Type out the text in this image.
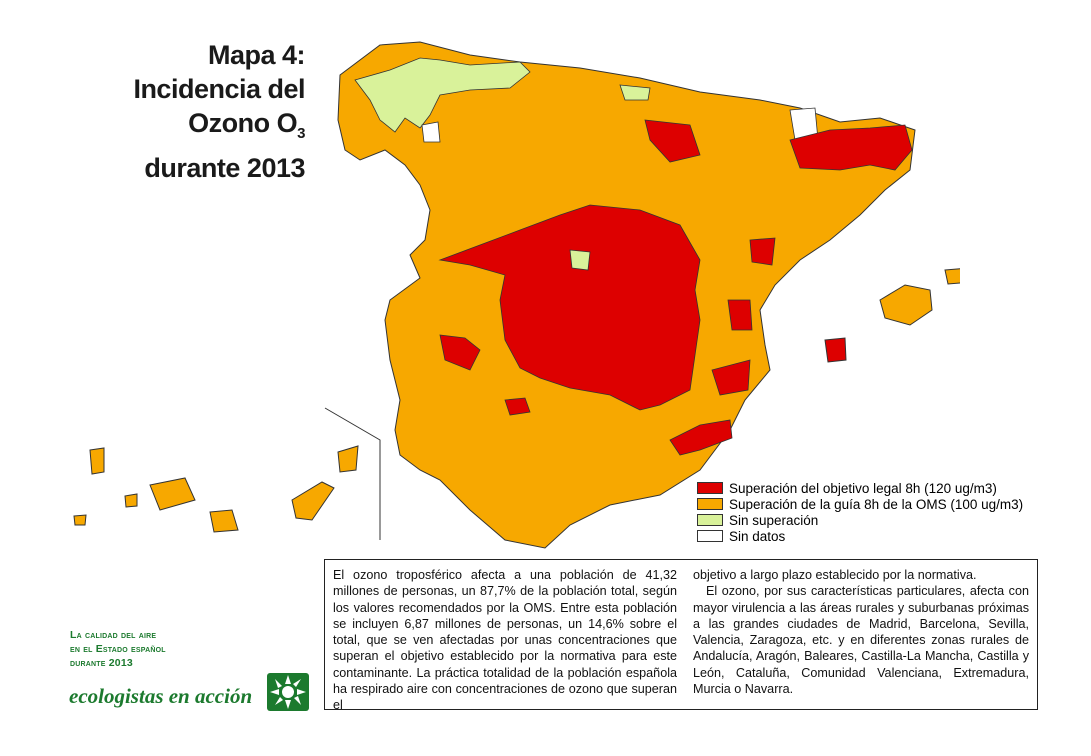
Mapa 4:
Incidencia del
Ozono $O_3$
durante 2013
Superación del objetivo legal 8h (120 ug/m3)
Superación de la guía 8h de la OMS (100 ug/m3)
Sin superación
Sin datos

El ozono troposférico afecta a una población de 41,32 millones de personas, un 87,7% de la población total, según los valores recomendados por la OMS. Entre esta población se incluyen 6,87 millones de personas, un 14,6% sobre el total, que se ven afectadas por unas concentraciones que superan el objetivo establecido por la normativa para este contaminante. La práctica totalidad de la población española ha respirado aire con concentraciones de ozono que superan el

objetivo a largo plazo establecido por la normativa.

El ozono, por sus características particulares, afecta con mayor virulencia a las áreas rurales y suburbanas próximas a las grandes ciudades de Madrid, Barcelona, Sevilla, Valencia, Zaragoza, etc. y en diferentes zonas rurales de Andalucía, Aragón, Baleares, Castilla-La Mancha, Castilla y León, Cataluña, Comunidad Valenciana, Extremadura, Murcia o Navarra.

La calidad del aire
en el Estado español
durante 2013
ecologistas en acción
